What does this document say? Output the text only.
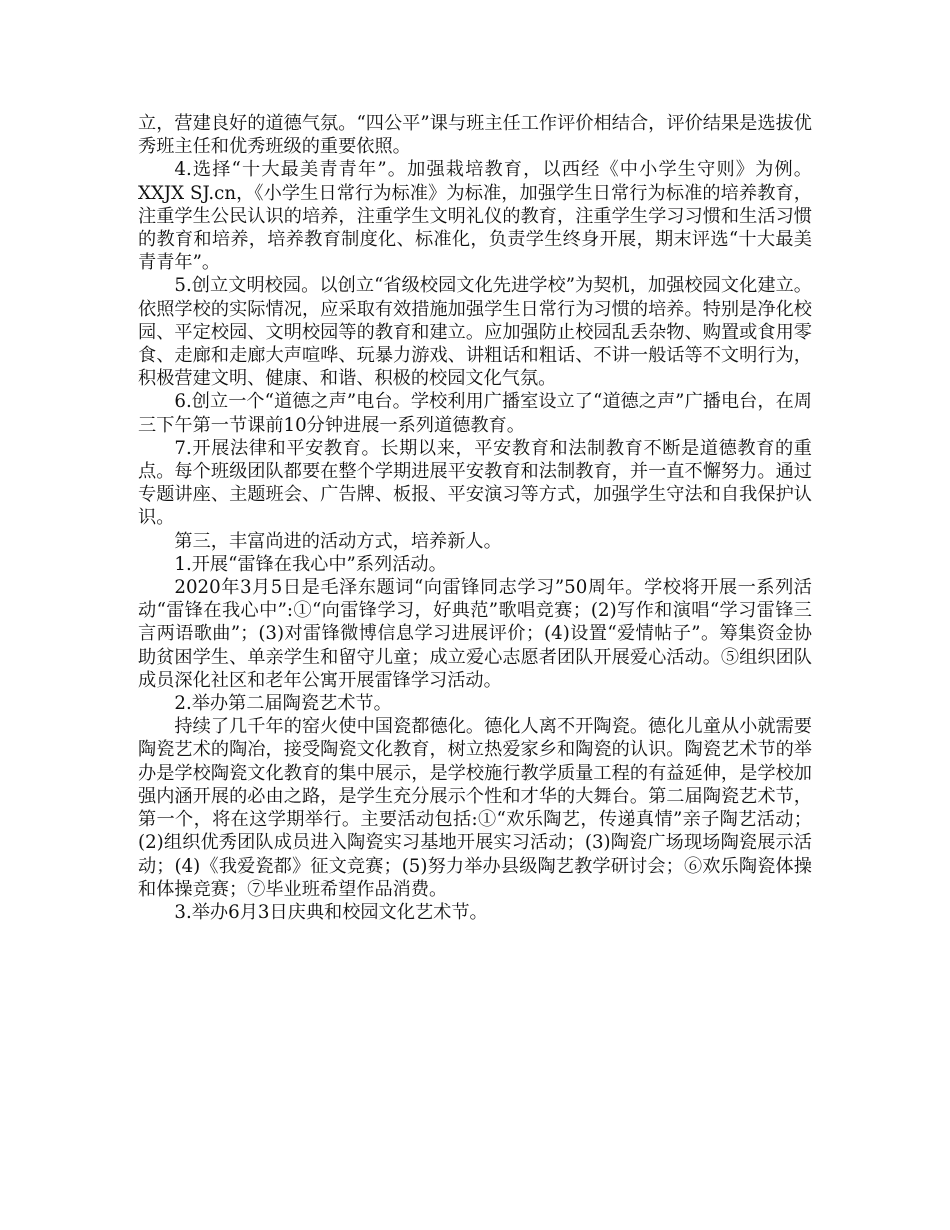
立，营建良好的道德气氛。“四公平”课与班主任工作评价相结合，评价结果是选拔优秀班主任和优秀班级的重要依照。

4.选择“十大最美青青年”。加强栽培教育，以西经《中小学生守则》为例。XXJX SJ.cn，《小学生日常行为标准》为标准，加强学生日常行为标准的培养教育，注重学生公民认识的培养，注重学生文明礼仪的教育，注重学生学习习惯和生活习惯的教育和培养，培养教育制度化、标准化，负责学生终身开展，期末评选“十大最美青青年”。

5.创立文明校园。以创立“省级校园文化先进学校”为契机，加强校园文化建立。依照学校的实际情况，应采取有效措施加强学生日常行为习惯的培养。特别是净化校园、平定校园、文明校园等的教育和建立。应加强防止校园乱丢杂物、购置或食用零食、走廊和走廊大声喧哗、玩暴力游戏、讲粗话和粗话、不讲一般话等不文明行为，积极营建文明、健康、和谐、积极的校园文化气氛。

6.创立一个“道德之声”电台。学校利用广播室设立了“道德之声”广播电台，在周三下午第一节课前10分钟进展一系列道德教育。

7.开展法律和平安教育。长期以来，平安教育和法制教育不断是道德教育的重点。每个班级团队都要在整个学期进展平安教育和法制教育，并一直不懈努力。通过专题讲座、主题班会、广告牌、板报、平安演习等方式，加强学生守法和自我保护认识。

第三，丰富尚进的活动方式，培养新人。

1.开展“雷锋在我心中”系列活动。

2020年3月5日是毛泽东题词“向雷锋同志学习”50周年。学校将开展一系列活动“雷锋在我心中”:①“向雷锋学习，好典范”歌唱竞赛；(2)写作和演唱“学习雷锋三言两语歌曲”；(3)对雷锋微博信息学习进展评价；(4)设置“爱情帖子”。筹集资金协助贫困学生、单亲学生和留守儿童；成立爱心志愿者团队开展爱心活动。⑤组织团队成员深化社区和老年公寓开展雷锋学习活动。

2.举办第二届陶瓷艺术节。

持续了几千年的窑火使中国瓷都德化。德化人离不开陶瓷。德化儿童从小就需要陶瓷艺术的陶冶，接受陶瓷文化教育，树立热爱家乡和陶瓷的认识。陶瓷艺术节的举办是学校陶瓷文化教育的集中展示，是学校施行教学质量工程的有益延伸，是学校加强内涵开展的必由之路，是学生充分展示个性和才华的大舞台。第二届陶瓷艺术节，第一个，将在这学期举行。主要活动包括:①“欢乐陶艺，传递真情”亲子陶艺活动；(2)组织优秀团队成员进入陶瓷实习基地开展实习活动；(3)陶瓷广场现场陶瓷展示活动；(4)《我爱瓷都》征文竞赛；(5)努力举办县级陶艺教学研讨会；⑥欢乐陶瓷体操和体操竞赛；⑦毕业班希望作品消费。

3.举办6月3日庆典和校园文化艺术节。
